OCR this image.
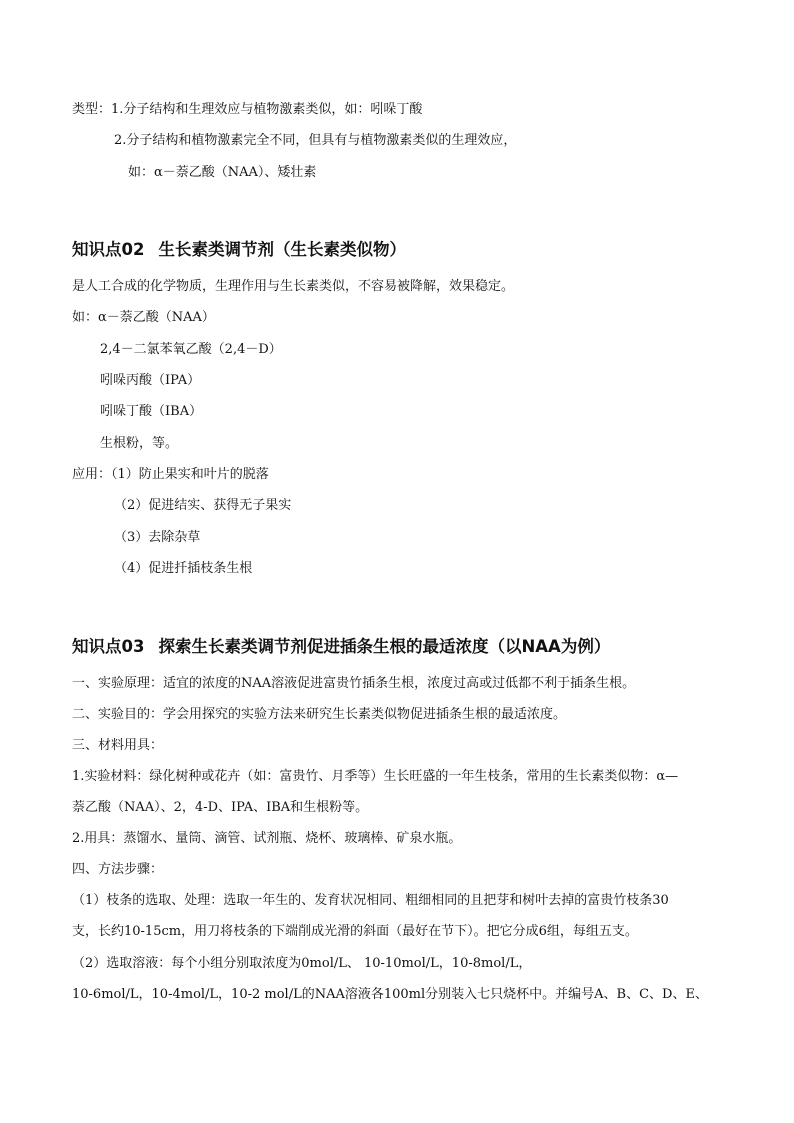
类型：1.分子结构和生理效应与植物激素类似，如：吲哚丁酸
2.分子结构和植物激素完全不同，但具有与植物激素类似的生理效应，
如：α－萘乙酸（NAA）、矮壮素
知识点02 生长素类调节剂（生长素类似物）
是人工合成的化学物质，生理作用与生长素类似，不容易被降解，效果稳定。
如：α－萘乙酸（NAA）
2,4－二氯苯氧乙酸（2,4－D）
吲哚丙酸（IPA）
吲哚丁酸（IBA）
生根粉，等。
应用：（1）防止果实和叶片的脱落
（2）促进结实、获得无子果实
（3）去除杂草
（4）促进扦插枝条生根
知识点03 探索生长素类调节剂促进插条生根的最适浓度（以NAA为例）
一、实验原理：适宜的浓度的NAA溶液促进富贵竹插条生根，浓度过高或过低都不利于插条生根。
二、实验目的：学会用探究的实验方法来研究生长素类似物促进插条生根的最适浓度。
三、材料用具：
1.实验材料：绿化树种或花卉（如：富贵竹、月季等）生长旺盛的一年生枝条，常用的生长素类似物：α—
萘乙酸（NAA）、2，4-D、IPA、IBA和生根粉等。
2.用具：蒸馏水、量筒、滴管、试剂瓶、烧杯、玻璃棒、矿泉水瓶。
四、方法步骤：
（1）枝条的选取、处理：选取一年生的、发育状况相同、粗细相同的且把芽和树叶去掉的富贵竹枝条30
支，长约10-15cm，用刀将枝条的下端削成光滑的斜面（最好在节下）。把它分成6组，每组五支。
（2）选取溶液：每个小组分别取浓度为0mol/L、 10-10mol/L，10-8mol/L，
10-6mol/L，10-4mol/L，10-2 mol/L的NAA溶液各100ml分别装入七只烧杯中。并编号A、B、C、D、E、
